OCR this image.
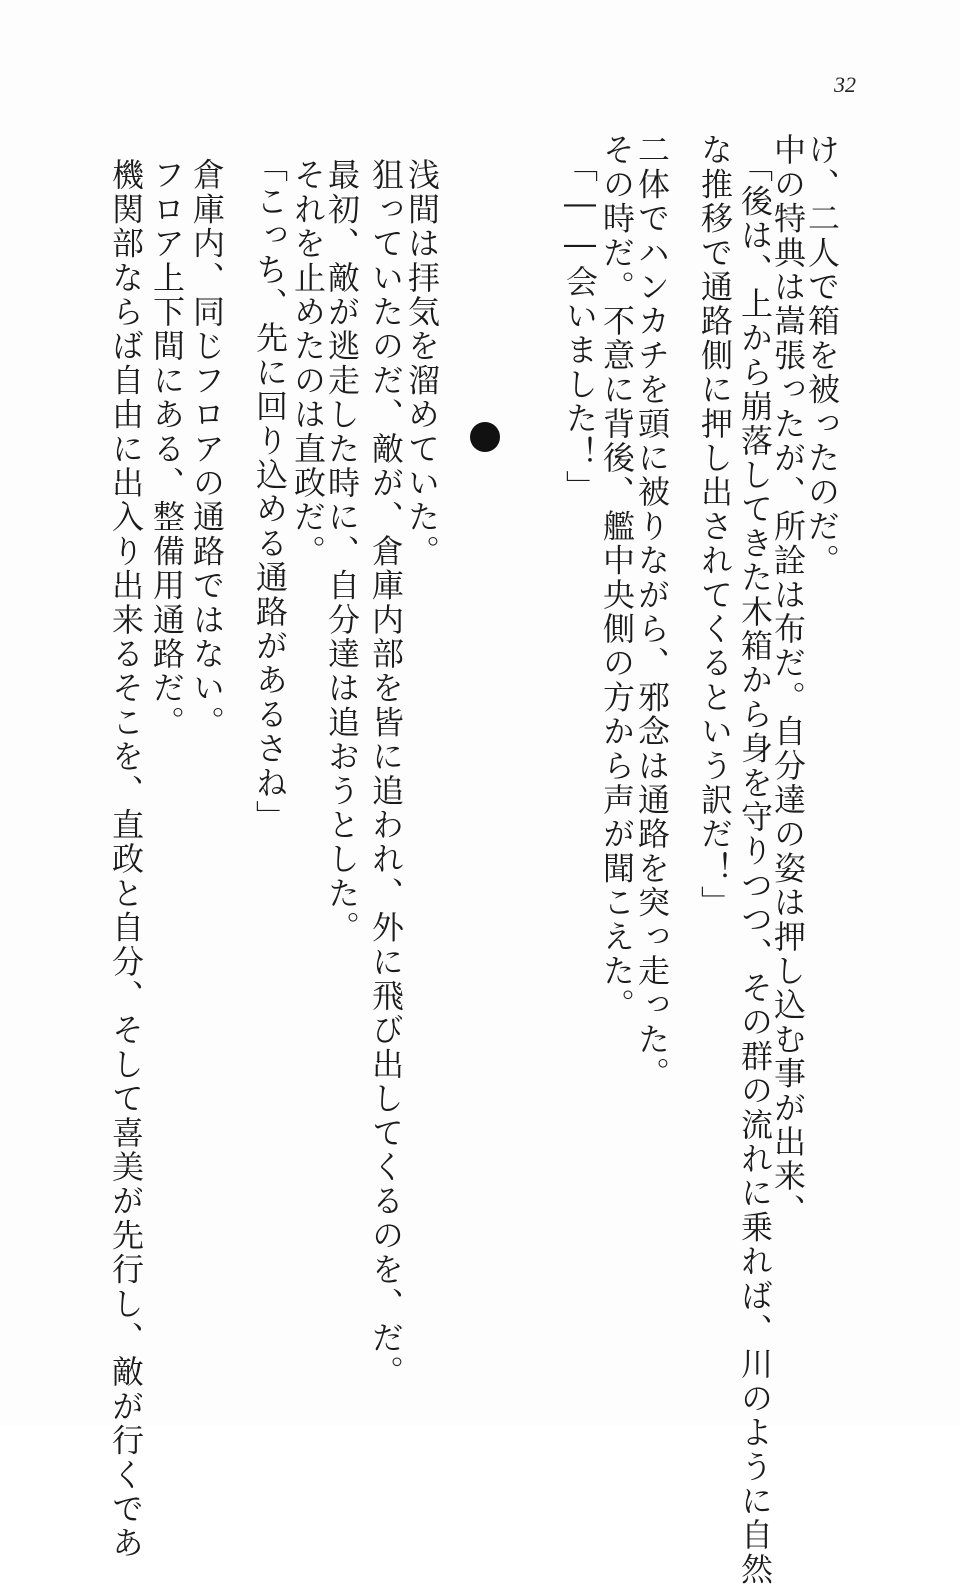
32
け、二人で箱を被ったのだ。
中の特典は嵩張ったが、所詮は布だ。自分達の姿は押し込む事が出来、
「後は、上から崩落してきた木箱から身を守りつつ、その群の流れに乗れば、川のように自然
な推移で通路側に押し出されてくるという訳だ！」
二体でハンカチを頭に被りながら、邪念は通路を突っ走った。
その時だ。不意に背後、艦中央側の方から声が聞こえた。
「――会いました！」
浅間は拝気を溜めていた。
狙っていたのだ、敵が、倉庫内部を皆に追われ、外に飛び出してくるのを、だ。
最初、敵が逃走した時に、自分達は追おうとした。
それを止めたのは直政だ。
「こっち、先に回り込める通路があるさね」
倉庫内、同じフロアの通路ではない。
フロア上下間にある、整備用通路だ。
機関部ならば自由に出入り出来るそこを、直政と自分、そして喜美が先行し、敵が行くであ
